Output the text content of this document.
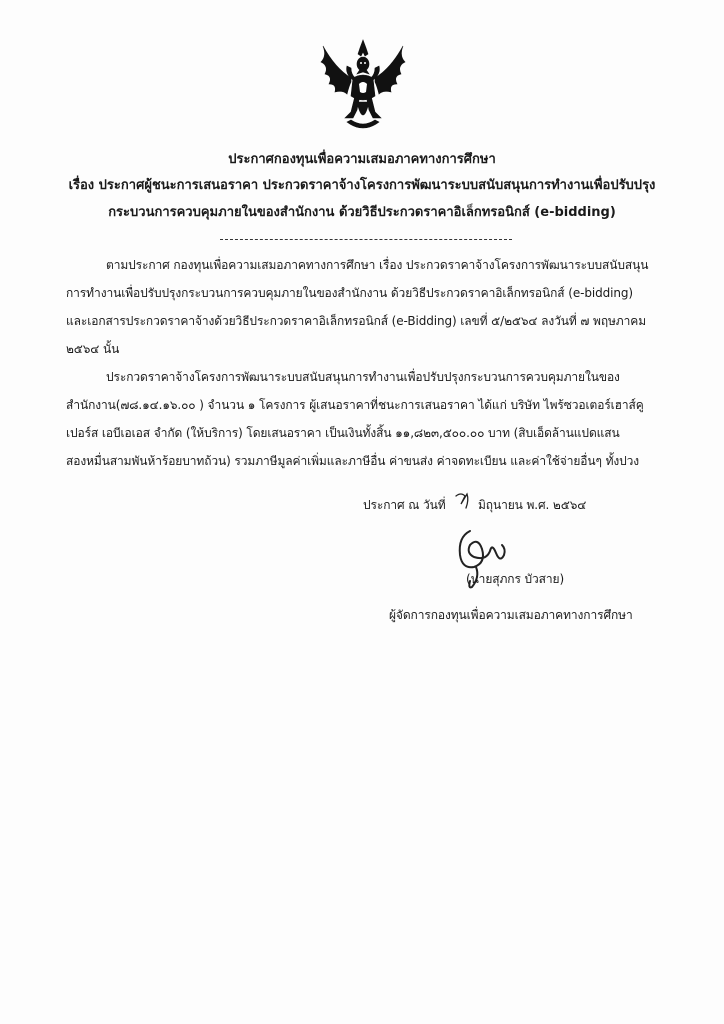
ประกาศกองทุนเพื่อความเสมอภาคทางการศึกษา
เรื่อง ประกาศผู้ชนะการเสนอราคา ประกวดราคาจ้างโครงการพัฒนาระบบสนับสนุนการทำงานเพื่อปรับปรุง
กระบวนการควบคุมภายในของสำนักงาน ด้วยวิธีประกวดราคาอิเล็กทรอนิกส์ (e-bidding)
ตามประกาศ กองทุนเพื่อความเสมอภาคทางการศึกษา เรื่อง ประกวดราคาจ้างโครงการพัฒนาระบบสนับสนุน
การทำงานเพื่อปรับปรุงกระบวนการควบคุมภายในของสำนักงาน ด้วยวิธีประกวดราคาอิเล็กทรอนิกส์ (e-bidding)
และเอกสารประกวดราคาจ้างด้วยวิธีประกวดราคาอิเล็กทรอนิกส์ (e-Bidding) เลขที่ ๕/๒๕๖๔ ลงวันที่ ๗ พฤษภาคม
๒๕๖๔ นั้น
ประกวดราคาจ้างโครงการพัฒนาระบบสนับสนุนการทำงานเพื่อปรับปรุงกระบวนการควบคุมภายในของ
สำนักงาน(๗๘.๑๔.๑๖.๐๐ ) จำนวน ๑ โครงการ ผู้เสนอราคาที่ชนะการเสนอราคา ได้แก่ บริษัท ไพร้ซวอเตอร์เฮาส์คู
เปอร์ส เอบีเอเอส จำกัด (ให้บริการ) โดยเสนอราคา เป็นเงินทั้งสิ้น ๑๑,๘๒๓,๕๐๐.๐๐ บาท (สิบเอ็ดล้านแปดแสน
สองหมื่นสามพันห้าร้อยบาทถ้วน) รวมภาษีมูลค่าเพิ่มและภาษีอื่น ค่าขนส่ง ค่าจดทะเบียน และค่าใช้จ่ายอื่นๆ ทั้งปวง
ประกาศ ณ วันที่	มิถุนายน พ.ศ. ๒๕๖๔
(นายสุภกร บัวสาย)
ผู้จัดการกองทุนเพื่อความเสมอภาคทางการศึกษา
